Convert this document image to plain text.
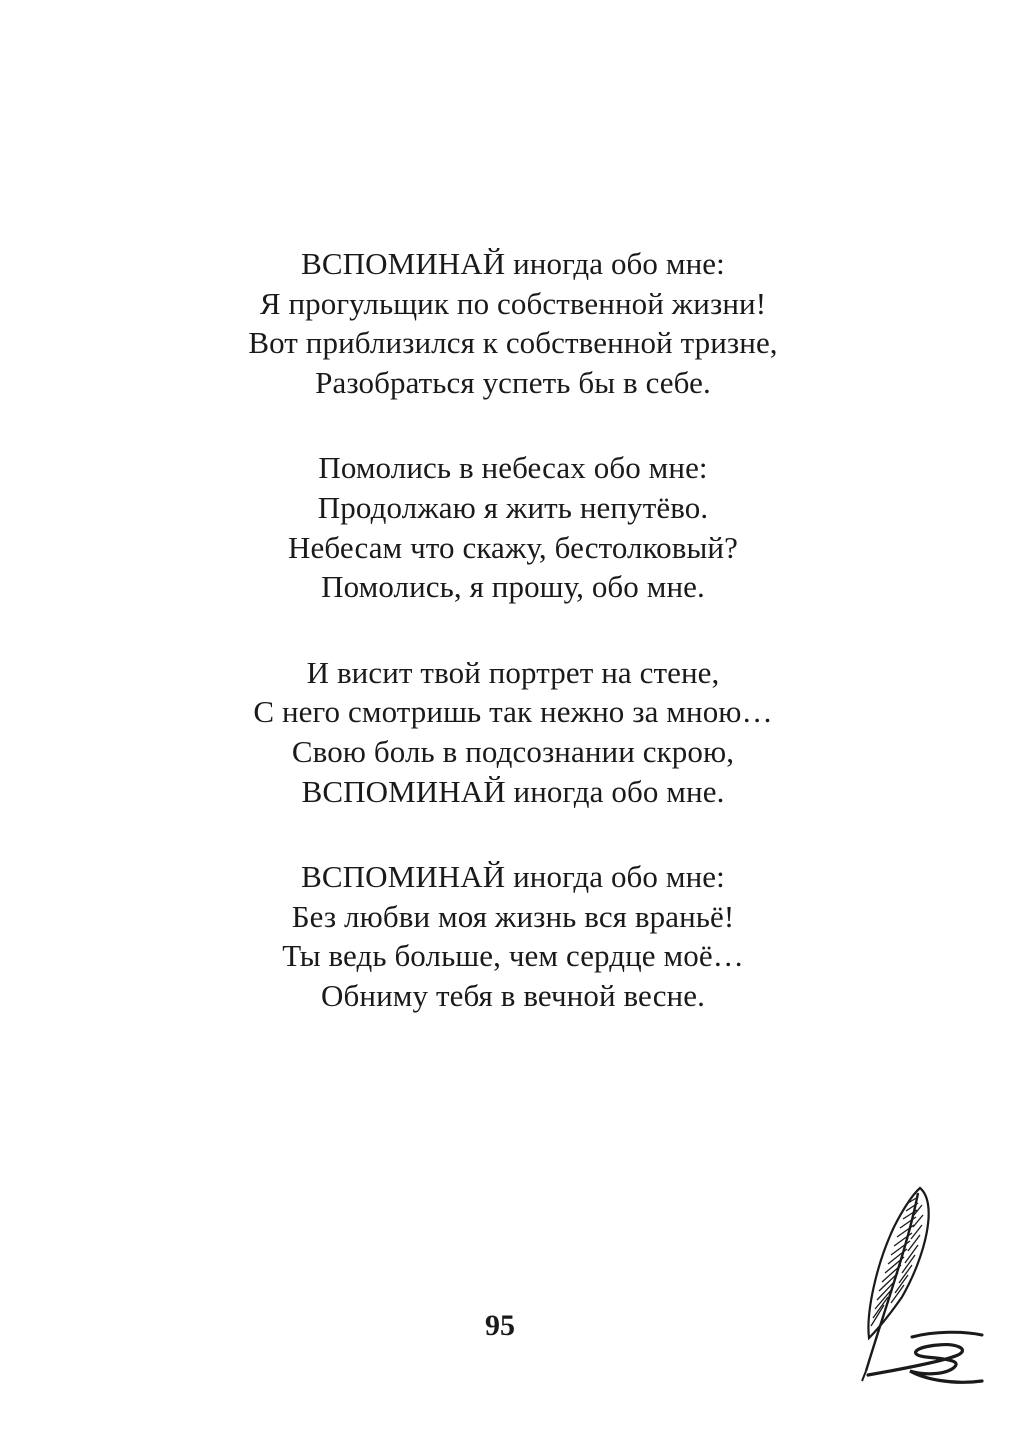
ВСПОМИНАЙ иногда обо мне:
Я прогульщик по собственной жизни!
Вот приблизился к собственной тризне,
Разобраться успеть бы в себе.
Помолись в небесах обо мне:
Продолжаю я жить непутёво.
Небесам что скажу, бестолковый?
Помолись, я прошу, обо мне.
И висит твой портрет на стене,
С него смотришь так нежно за мною…
Свою боль в подсознании скрою,
ВСПОМИНАЙ иногда обо мне.
ВСПОМИНАЙ иногда обо мне:
Без любви моя жизнь вся враньё!
Ты ведь больше, чем сердце моё…
Обниму тебя в вечной весне.
95
